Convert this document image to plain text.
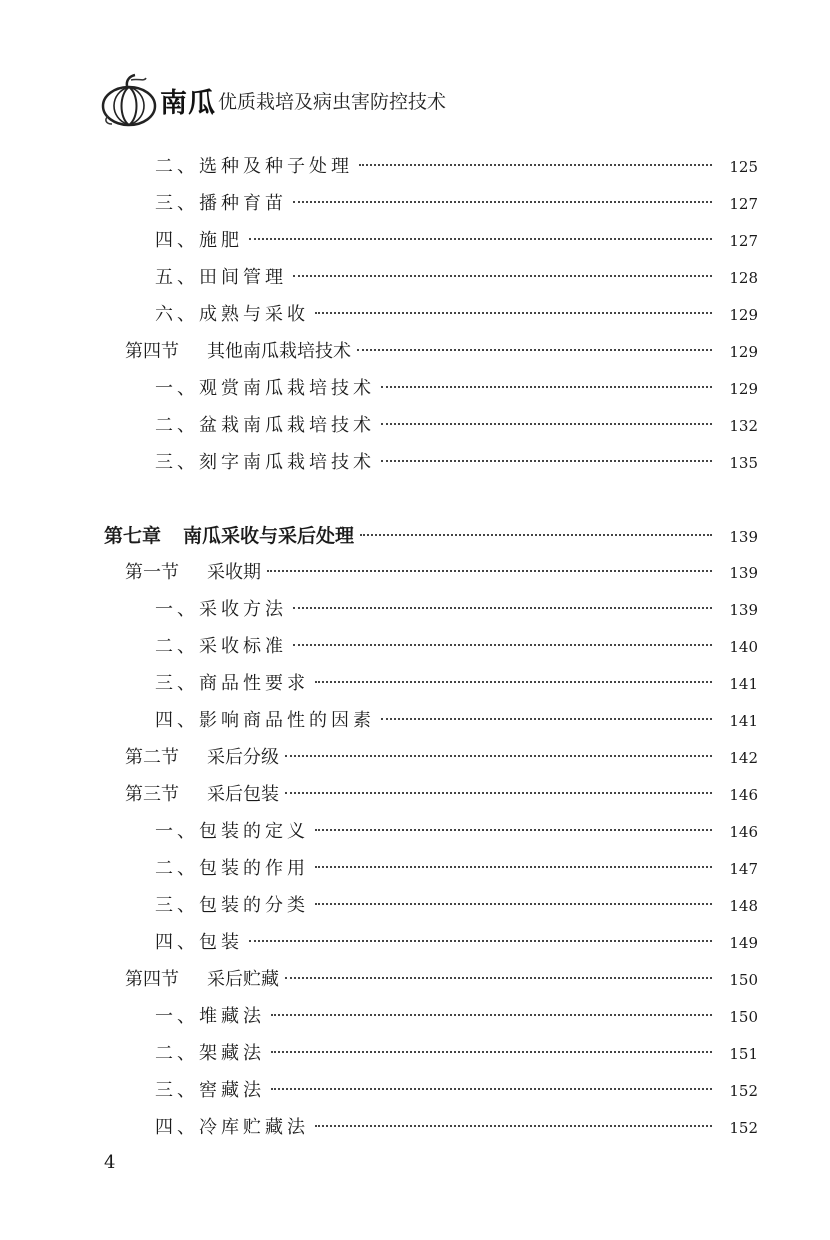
南瓜 优质栽培及病虫害防控技术
二、选种及种子处理	125
三、播种育苗	127
四、施肥	127
五、田间管理	128
六、成熟与采收	129
第四节 其他南瓜栽培技术	129
一、观赏南瓜栽培技术	129
二、盆栽南瓜栽培技术	132
三、刻字南瓜栽培技术	135
第七章 南瓜采收与采后处理	139
第一节 采收期	139
一、采收方法	139
二、采收标准	140
三、商品性要求	141
四、影响商品性的因素	141
第二节 采后分级	142
第三节 采后包装	146
一、包装的定义	146
二、包装的作用	147
三、包装的分类	148
四、包装	149
第四节 采后贮藏	150
一、堆藏法	150
二、架藏法	151
三、窖藏法	152
四、冷库贮藏法	152
4
